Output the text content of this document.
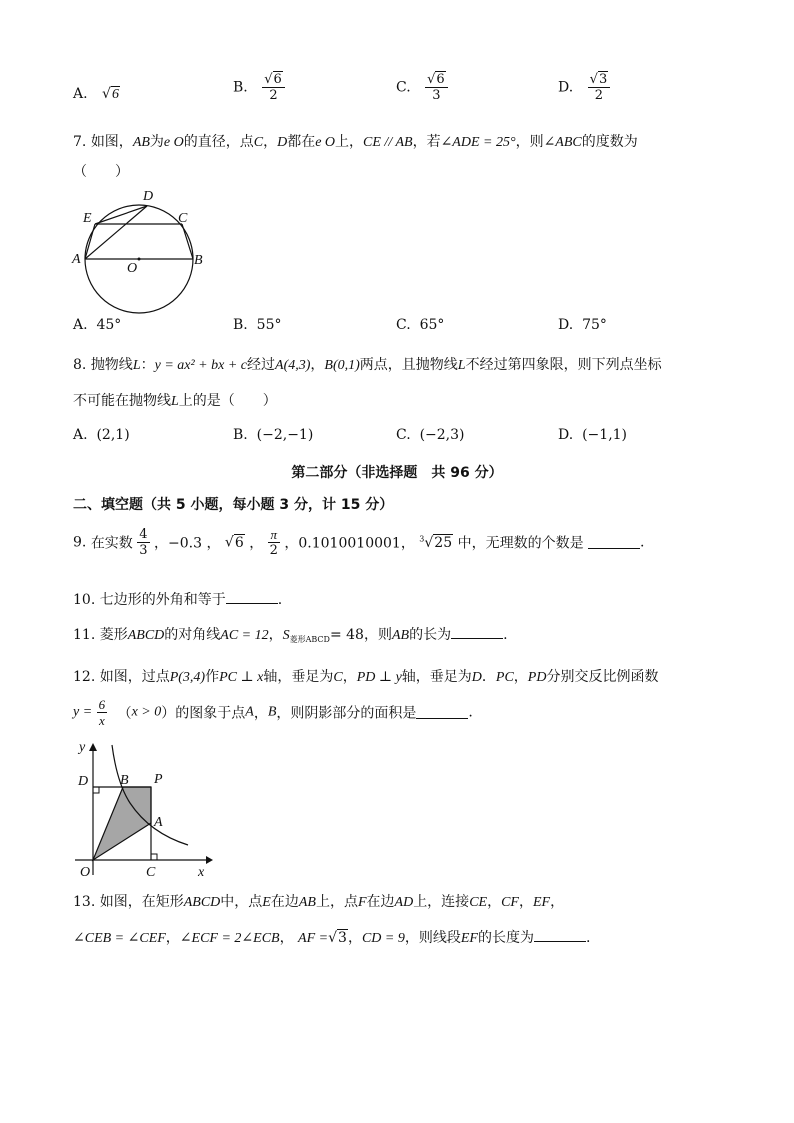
A. √6	B. $\frac{√6}{2}$	C. $\frac{√6}{3}$	D. $\frac{√3}{2}$
7. 如图，AB为e O的直径，点C，D都在e O上，CE // AB，若∠ADE = 25°，则∠ABC的度数为
（　　）
D
E	C
A
O
B
A. 45°	B. 55°	C. 65°	D. 75°
8. 抛物线L：y = ax² + bx + c经过A(4,3)，B(0,1)两点，且抛物线L不经过第四象限，则下列点坐标
不可能在抛物线L上的是（　　）
A. (2,1)	B. (−2,−1)	C. (−2,3)	D. (−1,1)
第二部分（非选择题　共 96 分）
二、填空题（共 5 小题，每小题 3 分，计 15 分）
9. 在实数 $\frac{4}{3}$ ，−0.3 ， √6 ， $\frac{\pi}{2}$ ，0.1010010001， $^3$√25 中，无理数的个数是	.
10. 七边形的外角和等于	.
11. 菱形ABCD的对角线AC = 12，$S_{菱形ABCD}= 48$，则AB的长为	.
12. 如图，过点P(3,4)作PC ⊥ x轴，垂足为C，PD ⊥ y轴，垂足为D．PC，PD分别交反比例函数
$y = \frac{6}{x} (x > 0)$的图象于点A，B，则阴影部分的面积是	.
y
D B P
A
O	C	x
13. 如图，在矩形ABCD中，点E在边AB上，点F在边AD上，连接CE，CF，EF，
∠CEB = ∠CEF，∠ECF = 2∠ECB， AF =√3，CD = 9，则线段EF的长度为	.
